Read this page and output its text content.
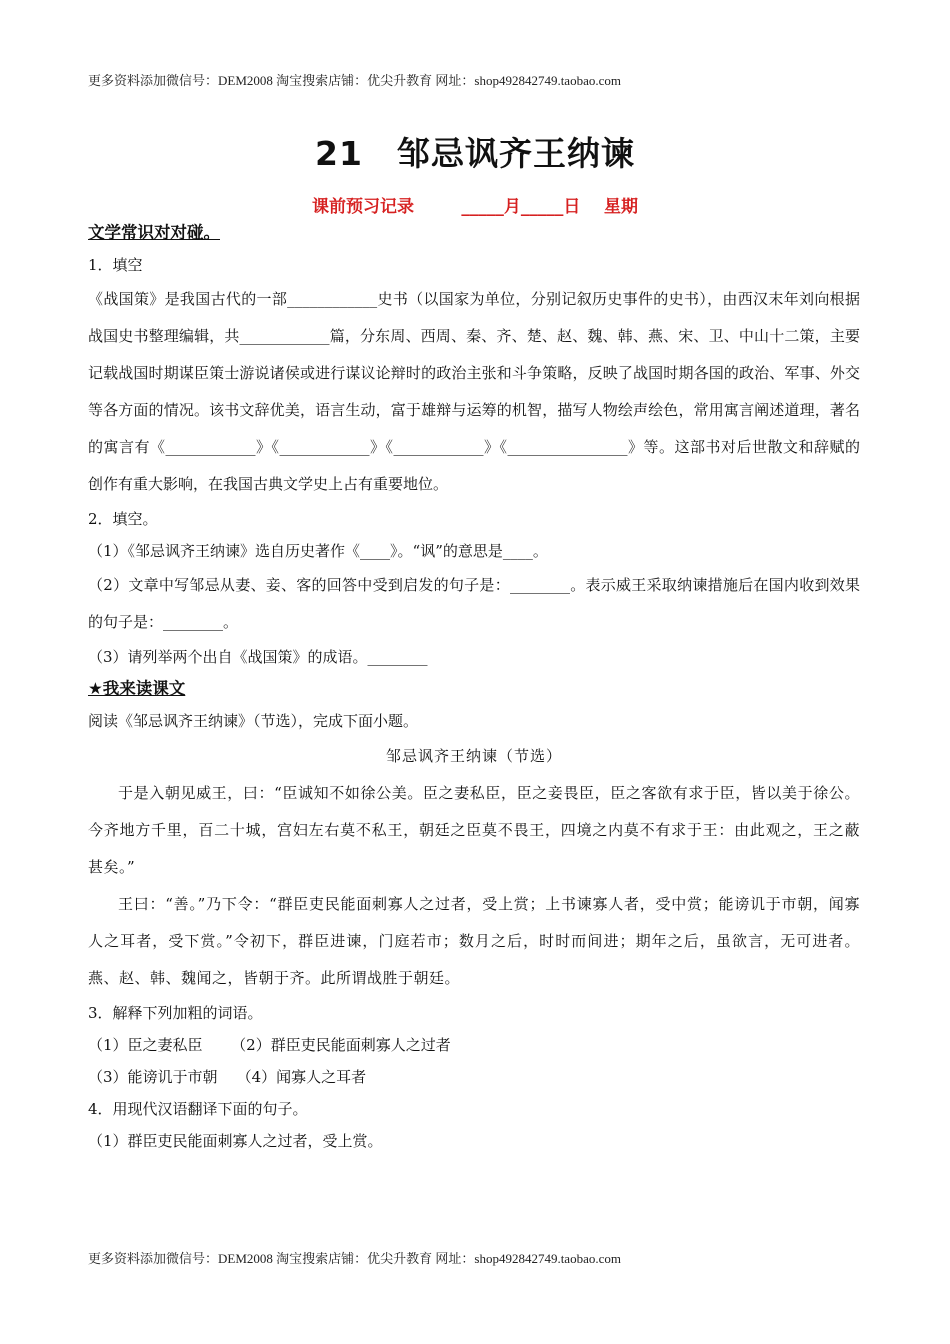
更多资料添加微信号：DEM2008 淘宝搜索店铺：优尖升教育 网址：shop492842749.taobao.com
21 邹忌讽齐王纳谏
课前预习记录        _____月_____日    星期
文学常识对对碰。

1．填空

《战国策》是我国古代的一部____________史书（以国家为单位，分别记叙历史事件的史书），由西汉末年刘向根据战国史书整理编辑，共____________篇，分东周、西周、秦、齐、楚、赵、魏、韩、燕、宋、卫、中山十二策，主要记载战国时期谋臣策士游说诸侯或进行谋议论辩时的政治主张和斗争策略，反映了战国时期各国的政治、军事、外交等各方面的情况。该书文辞优美，语言生动，富于雄辩与运筹的机智，描写人物绘声绘色，常用寓言阐述道理，著名的寓言有《____________》《____________》《____________》《________________》等。这部书对后世散文和辞赋的创作有重大影响，在我国古典文学史上占有重要地位。

2．填空。

（1）《邹忌讽齐王纳谏》选自历史著作《____》。“讽”的意思是____。

（2）文章中写邹忌从妻、妾、客的回答中受到启发的句子是：________。表示威王采取纳谏措施后在国内收到效果的句子是：________。

（3）请列举两个出自《战国策》的成语。________

★我来读课文

阅读《邹忌讽齐王纳谏》（节选），完成下面小题。

邹忌讽齐王纳谏（节选）

于是入朝见威王，曰：“臣诚知不如徐公美。臣之妻私臣，臣之妾畏臣，臣之客欲有求于臣，皆以美于徐公。今齐地方千里，百二十城，宫妇左右莫不私王，朝廷之臣莫不畏王，四境之内莫不有求于王：由此观之，王之蔽甚矣。”

王曰：“善。”乃下令：“群臣吏民能面刺寡人之过者，受上赏；上书谏寡人者，受中赏；能谤讥于市朝，闻寡人之耳者，受下赏。”令初下，群臣进谏，门庭若市；数月之后，时时而间进；期年之后，虽欲言，无可进者。燕、赵、韩、魏闻之，皆朝于齐。此所谓战胜于朝廷。

3．解释下列加粗的词语。

（1）臣之妻私臣      （2）群臣吏民能面刺寡人之过者

（3）能谤讥于市朝    （4）闻寡人之耳者

4．用现代汉语翻译下面的句子。

（1）群臣吏民能面刺寡人之过者，受上赏。

更多资料添加微信号：DEM2008 淘宝搜索店铺：优尖升教育 网址：shop492842749.taobao.com
